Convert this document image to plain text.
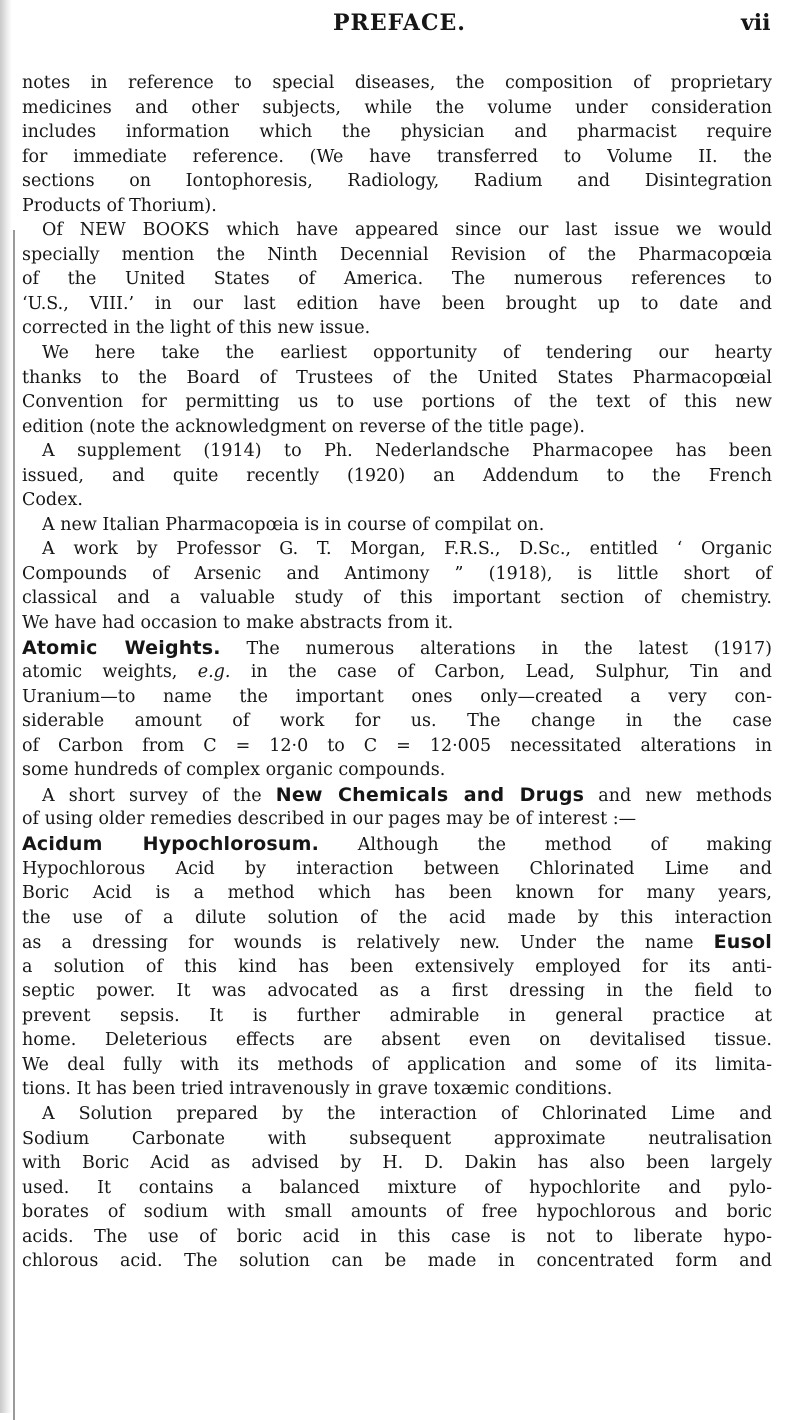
PREFACE.	vii
notes in reference to special diseases, the composition of proprietary
medicines and other subjects, while the volume under consideration
includes information which the physician and pharmacist require
for immediate reference. (We have transferred to Volume II. the
sections on Iontophoresis, Radiology, Radium and Disintegration
Products of Thorium).
Of NEW BOOKS which have appeared since our last issue we would
specially mention the Ninth Decennial Revision of the Pharmacopœia
of the United States of America. The numerous references to
‘U.S., VIII.’ in our last edition have been brought up to date and
corrected in the light of this new issue.
We here take the earliest opportunity of tendering our hearty
thanks to the Board of Trustees of the United States Pharmacopœial
Convention for permitting us to use portions of the text of this new
edition (note the acknowledgment on reverse of the title page).
A supplement (1914) to Ph. Nederlandsche Pharmacopee has been
issued, and quite recently (1920) an Addendum to the French
Codex.
A new Italian Pharmacopœia is in course of compilat on.
A work by Professor G. T. Morgan, F.R.S., D.Sc., entitled ‘ Organic
Compounds of Arsenic and Antimony ” (1918), is little short of
classical and a valuable study of this important section of chemistry.
We have had occasion to make abstracts from it.
Atomic Weights. The numerous alterations in the latest (1917)
atomic weights, e.g. in the case of Carbon, Lead, Sulphur, Tin and
Uranium—to name the important ones only—created a very con-
siderable amount of work for us. The change in the case
of Carbon from C = 12·0 to C = 12·005 necessitated alterations in
some hundreds of complex organic compounds.
A short survey of the New Chemicals and Drugs and new methods
of using older remedies described in our pages may be of interest :—
Acidum Hypochlorosum. Although the method of making
Hypochlorous Acid by interaction between Chlorinated Lime and
Boric Acid is a method which has been known for many years,
the use of a dilute solution of the acid made by this interaction
as a dressing for wounds is relatively new. Under the name Eusol
a solution of this kind has been extensively employed for its anti-
septic power. It was advocated as a first dressing in the field to
prevent sepsis. It is further admirable in general practice at
home. Deleterious effects are absent even on devitalised tissue.
We deal fully with its methods of application and some of its limita-
tions. It has been tried intravenously in grave toxæmic conditions.
A Solution prepared by the interaction of Chlorinated Lime and
Sodium Carbonate with subsequent approximate neutralisation
with Boric Acid as advised by H. D. Dakin has also been largely
used. It contains a balanced mixture of hypochlorite and pylo-
borates of sodium with small amounts of free hypochlorous and boric
acids. The use of boric acid in this case is not to liberate hypo-
chlorous acid. The solution can be made in concentrated form and
